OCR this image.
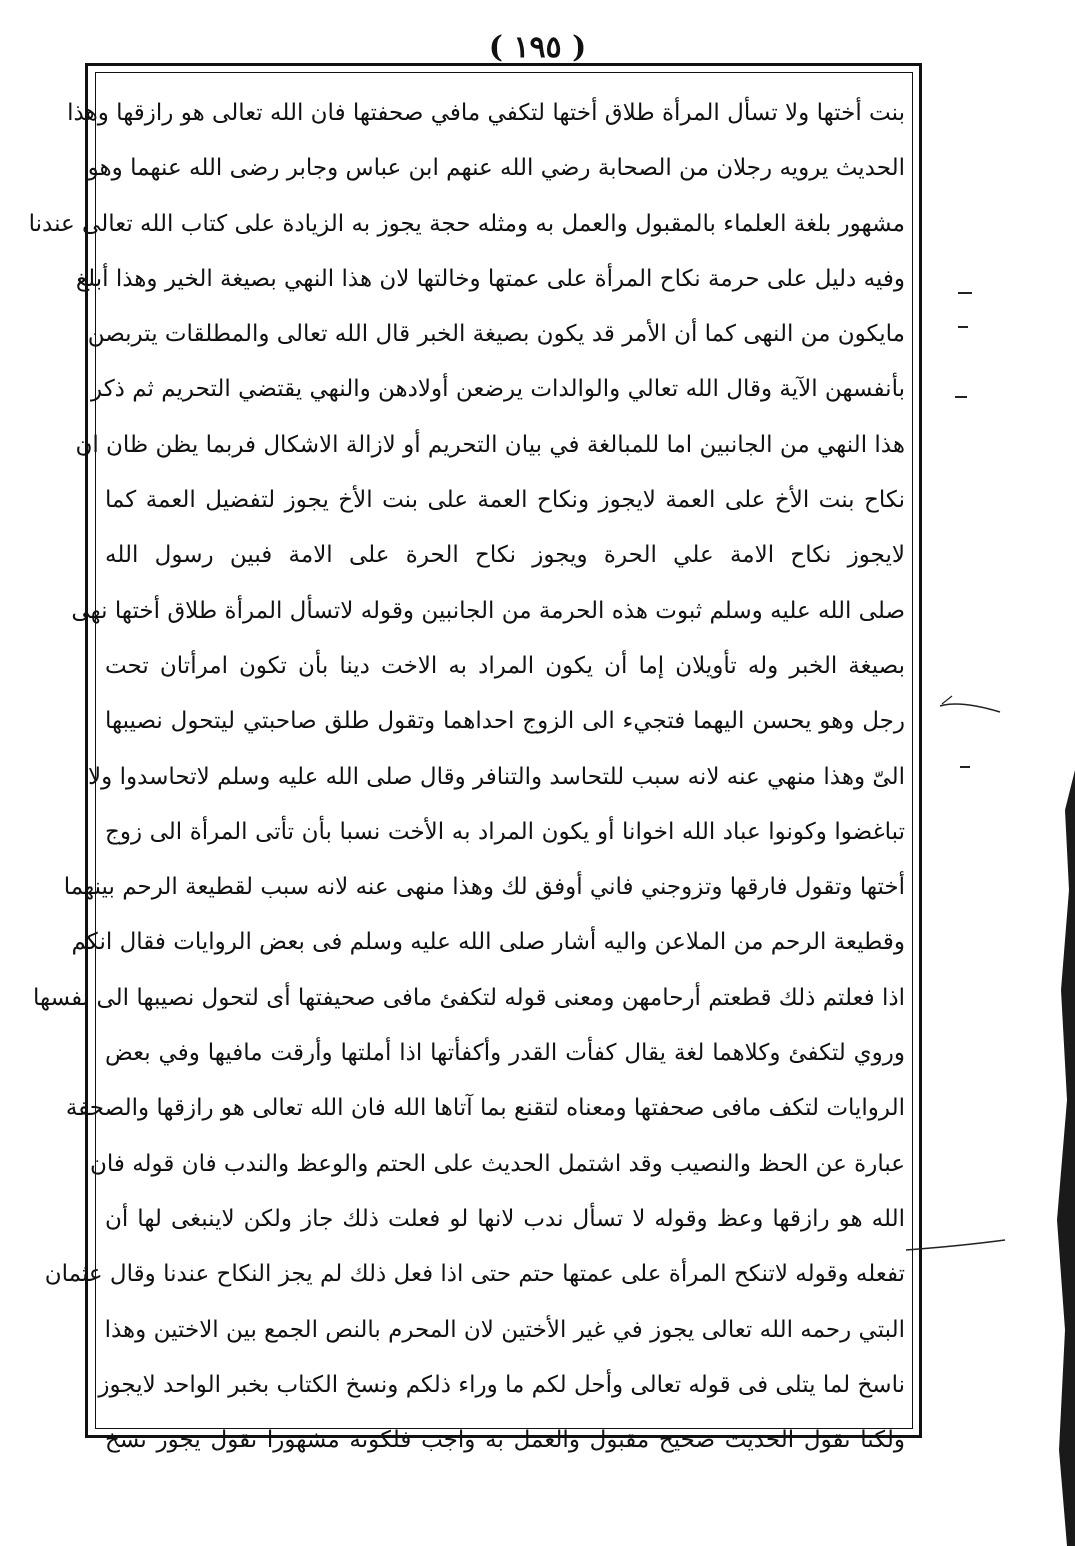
( ١٩٥ )
بنت أختها ولا تسأل المرأة طلاق أختها لتكفي مافي صحفتها فان الله تعالى هو رازقها وهذا
الحديث يرويه رجلان من الصحابة رضي الله عنهم ابن عباس وجابر رضى الله عنهما وهو
مشهور بلغة العلماء بالمقبول والعمل به ومثله حجة يجوز به الزيادة على كتاب الله تعالى عندنا
وفيه دليل على حرمة نكاح المرأة على عمتها وخالتها لان هذا النهي بصيغة الخير وهذا أبلغ
مايكون من النهى كما أن الأمر قد يكون بصيغة الخبر قال الله تعالى والمطلقات يتربصن
بأنفسهن الآية وقال الله تعالي والوالدات يرضعن أولادهن والنهي يقتضي التحريم ثم ذكر
هذا النهي من الجانبين اما للمبالغة في بيان التحريم أو لازالة الاشكال فربما يظن ظان ان
نكاح بنت الأخ على العمة لايجوز ونكاح العمة على بنت الأخ يجوز لتفضيل العمة كما
لايجوز نكاح الامة علي الحرة ويجوز نكاح الحرة على الامة فبين رسول الله
صلى الله عليه وسلم ثبوت هذه الحرمة من الجانبين وقوله لاتسأل المرأة طلاق أختها نهى
بصيغة الخبر وله تأويلان إما أن يكون المراد به الاخت دينا بأن تكون امرأتان تحت
رجل وهو يحسن اليهما فتجيء الى الزوج احداهما وتقول طلق صاحبتي ليتحول نصيبها
الىّ وهذا منهي عنه لانه سبب للتحاسد والتنافر وقال صلى الله عليه وسلم لاتحاسدوا ولا
تباغضوا وكونوا عباد الله اخوانا أو يكون المراد به الأخت نسبا بأن تأتى المرأة الى زوج
أختها وتقول فارقها وتزوجني فاني أوفق لك وهذا منهى عنه لانه سبب لقطيعة الرحم بينهما
وقطيعة الرحم من الملاعن واليه أشار صلى الله عليه وسلم فى بعض الروايات فقال انكم
اذا فعلتم ذلك قطعتم أرحامهن ومعنى قوله لتكفئ مافى صحيفتها أى لتحول نصيبها الى نفسها
وروي لتكفئ وكلاهما لغة يقال كفأت القدر وأكفأتها اذا أملتها وأرقت مافيها وفي بعض
الروايات لتكف مافى صحفتها ومعناه لتقنع بما آتاها الله فان الله تعالى هو رازقها والصحفة
عبارة عن الحظ والنصيب وقد اشتمل الحديث على الحتم والوعظ والندب فان قوله فان
الله هو رازقها وعظ وقوله لا تسأل ندب لانها لو فعلت ذلك جاز ولكن لاينبغى لها أن
تفعله وقوله لاتنكح المرأة على عمتها حتم حتى اذا فعل ذلك لم يجز النكاح عندنا وقال عثمان
البتي رحمه الله تعالى يجوز في غير الأختين لان المحرم بالنص الجمع بين الاختين وهذا
ناسخ لما يتلى فى قوله تعالى وأحل لكم ما وراء ذلكم ونسخ الكتاب بخبر الواحد لايجوز
ولكنا نقول الحديث صحيح مقبول والعمل به واجب فلكونه مشهورا نقول يجوز نسخ
